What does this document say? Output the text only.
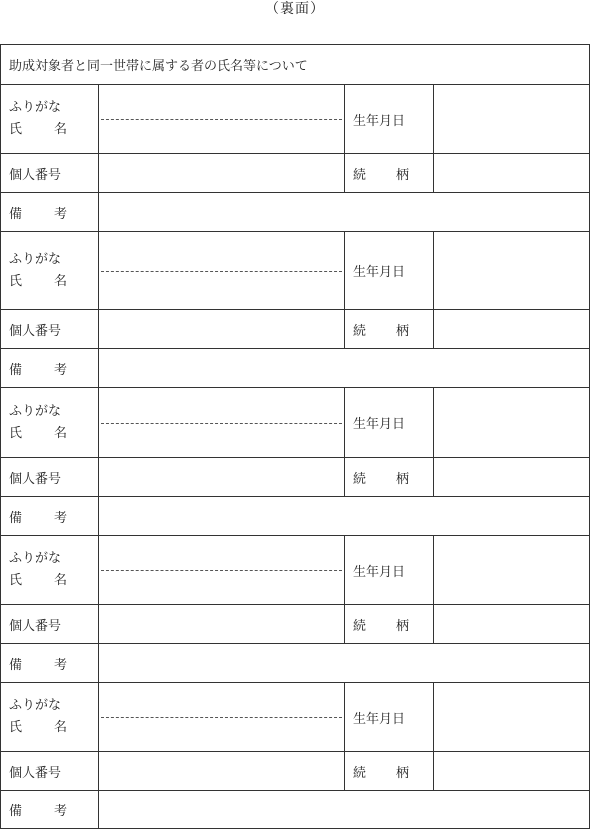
（裏面）
助成対象者と同一世帯に属する者の氏名等について			

ふりがな
氏 名		生年月日	
個人番号		続 柄	

備 考			

ふりがな
氏 名		生年月日	
個人番号		続 柄	

備 考			

ふりがな
氏 名		生年月日	
個人番号		続 柄	

備 考			

ふりがな
氏 名		生年月日	
個人番号		続 柄	

備 考			

ふりがな
氏 名		生年月日	
個人番号		続 柄	

備 考			
